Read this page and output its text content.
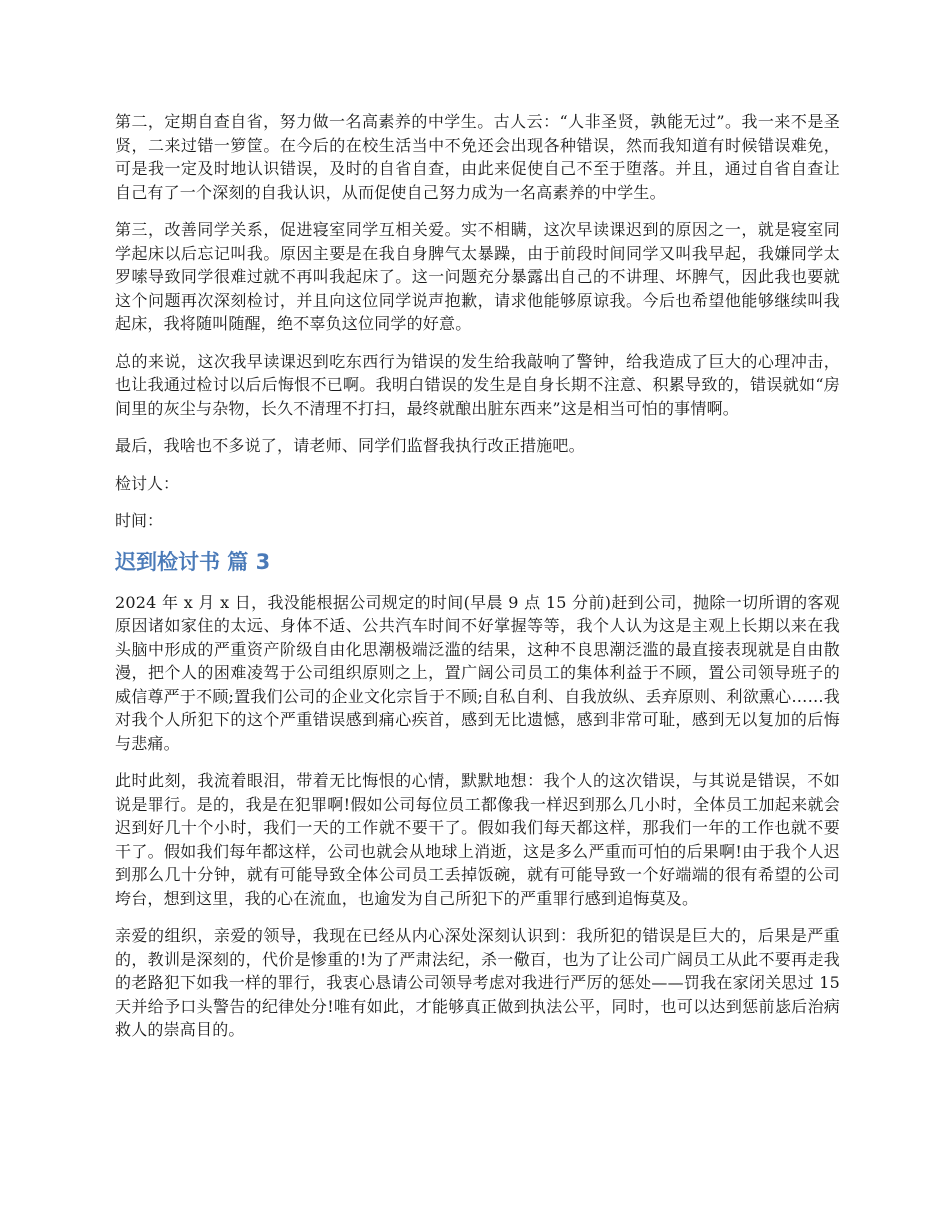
第二，定期自查自省，努力做一名高素养的中学生。古人云：“人非圣贤，孰能无过”。我一来不是圣贤，二来过错一箩筐。在今后的在校生活当中不免还会出现各种错误，然而我知道有时候错误难免，可是我一定及时地认识错误，及时的自省自查，由此来促使自己不至于堕落。并且，通过自省自查让自己有了一个深刻的自我认识，从而促使自己努力成为一名高素养的中学生。

第三，改善同学关系，促进寝室同学互相关爱。实不相瞒，这次早读课迟到的原因之一，就是寝室同学起床以后忘记叫我。原因主要是在我自身脾气太暴躁，由于前段时间同学又叫我早起，我嫌同学太罗嗦导致同学很难过就不再叫我起床了。这一问题充分暴露出自己的不讲理、坏脾气，因此我也要就这个问题再次深刻检讨，并且向这位同学说声抱歉，请求他能够原谅我。今后也希望他能够继续叫我起床，我将随叫随醒，绝不辜负这位同学的好意。

总的来说，这次我早读课迟到吃东西行为错误的发生给我敲响了警钟，给我造成了巨大的心理冲击，也让我通过检讨以后后悔恨不已啊。我明白错误的发生是自身长期不注意、积累导致的，错误就如“房间里的灰尘与杂物，长久不清理不打扫，最终就酿出脏东西来”这是相当可怕的事情啊。

最后，我啥也不多说了，请老师、同学们监督我执行改正措施吧。

检讨人：

时间：

迟到检讨书 篇 3

2024 年 x 月 x 日，我没能根据公司规定的时间(早晨 9 点 15 分前)赶到公司，抛除一切所谓的客观原因诸如家住的太远、身体不适、公共汽车时间不好掌握等等，我个人认为这是主观上长期以来在我头脑中形成的严重资产阶级自由化思潮极端泛滥的结果，这种不良思潮泛滥的最直接表现就是自由散漫，把个人的困难凌驾于公司组织原则之上，置广阔公司员工的集体利益于不顾，置公司领导班子的威信尊严于不顾;置我们公司的企业文化宗旨于不顾;自私自利、自我放纵、丢弃原则、利欲熏心……我对我个人所犯下的这个严重错误感到痛心疾首，感到无比遗憾，感到非常可耻，感到无以复加的后悔与悲痛。

此时此刻，我流着眼泪，带着无比悔恨的心情，默默地想：我个人的这次错误，与其说是错误，不如说是罪行。是的，我是在犯罪啊!假如公司每位员工都像我一样迟到那么几小时，全体员工加起来就会迟到好几十个小时，我们一天的工作就不要干了。假如我们每天都这样，那我们一年的工作也就不要干了。假如我们每年都这样，公司也就会从地球上消逝，这是多么严重而可怕的后果啊!由于我个人迟到那么几十分钟，就有可能导致全体公司员工丢掉饭碗，就有可能导致一个好端端的很有希望的公司垮台，想到这里，我的心在流血，也逾发为自己所犯下的严重罪行感到追悔莫及。

亲爱的组织，亲爱的领导，我现在已经从内心深处深刻认识到：我所犯的错误是巨大的，后果是严重的，教训是深刻的，代价是惨重的!为了严肃法纪，杀一儆百，也为了让公司广阔员工从此不要再走我的老路犯下如我一样的罪行，我衷心恳请公司领导考虑对我进行严厉的惩处——罚我在家闭关思过 15 天并给予口头警告的纪律处分!唯有如此，才能够真正做到执法公平，同时，也可以达到惩前毖后治病救人的崇高目的。
